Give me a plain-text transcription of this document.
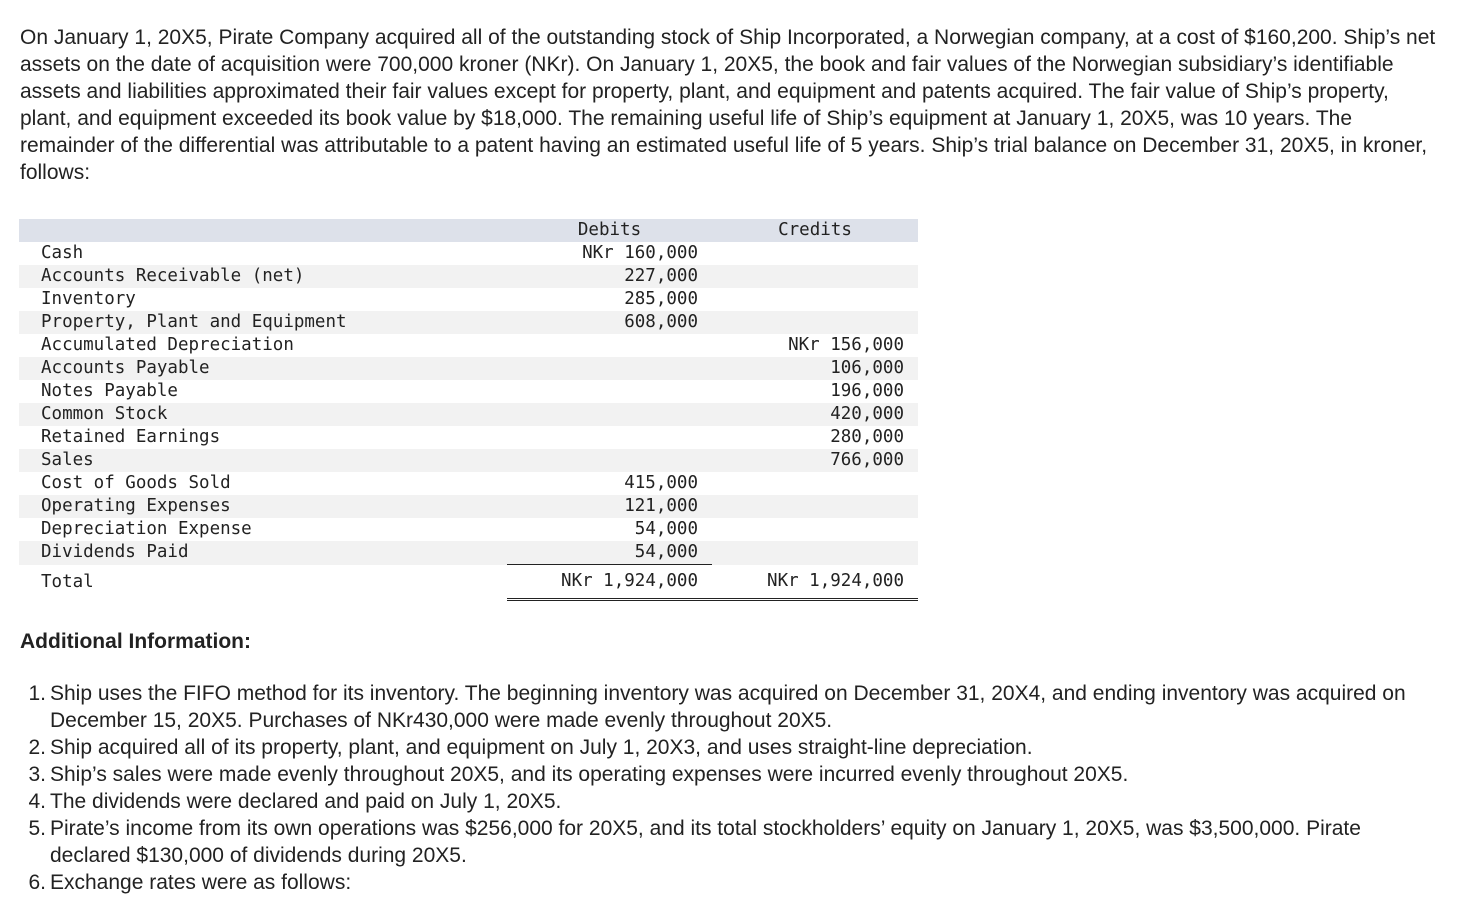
On January 1, 20X5, Pirate Company acquired all of the outstanding stock of Ship Incorporated, a Norwegian company, at a cost of $160,200. Ship’s net assets on the date of acquisition were 700,000 kroner (NKr). On January 1, 20X5, the book and fair values of the Norwegian subsidiary’s identifiable assets and liabilities approximated their fair values except for property, plant, and equipment and patents acquired. The fair value of Ship’s property, plant, and equipment exceeded its book value by $18,000. The remaining useful life of Ship’s equipment at January 1, 20X5, was 10 years. The remainder of the differential was attributable to a patent having an estimated useful life of 5 years. Ship’s trial balance on December 31, 20X5, in kroner, follows:

	Debits	Credits
Cash	NKr 160,000	
Accounts Receivable (net)	227,000	
Inventory	285,000	
Property, Plant and Equipment	608,000	
Accumulated Depreciation		NKr 156,000
Accounts Payable		106,000
Notes Payable		196,000
Common Stock		420,000
Retained Earnings		280,000
Sales		766,000
Cost of Goods Sold	415,000	
Operating Expenses	121,000	
Depreciation Expense	54,000	
Dividends Paid	54,000	
Total	NKr 1,924,000	NKr 1,924,000
Additional Information:
1. Ship uses the FIFO method for its inventory. The beginning inventory was acquired on December 31, 20X4, and ending inventory was acquired on December 15, 20X5. Purchases of NKr430,000 were made evenly throughout 20X5.
2. Ship acquired all of its property, plant, and equipment on July 1, 20X3, and uses straight-line depreciation.
3. Ship’s sales were made evenly throughout 20X5, and its operating expenses were incurred evenly throughout 20X5.
4. The dividends were declared and paid on July 1, 20X5.
5. Pirate’s income from its own operations was $256,000 for 20X5, and its total stockholders’ equity on January 1, 20X5, was $3,500,000. Pirate declared $130,000 of dividends during 20X5.
6. Exchange rates were as follows:
